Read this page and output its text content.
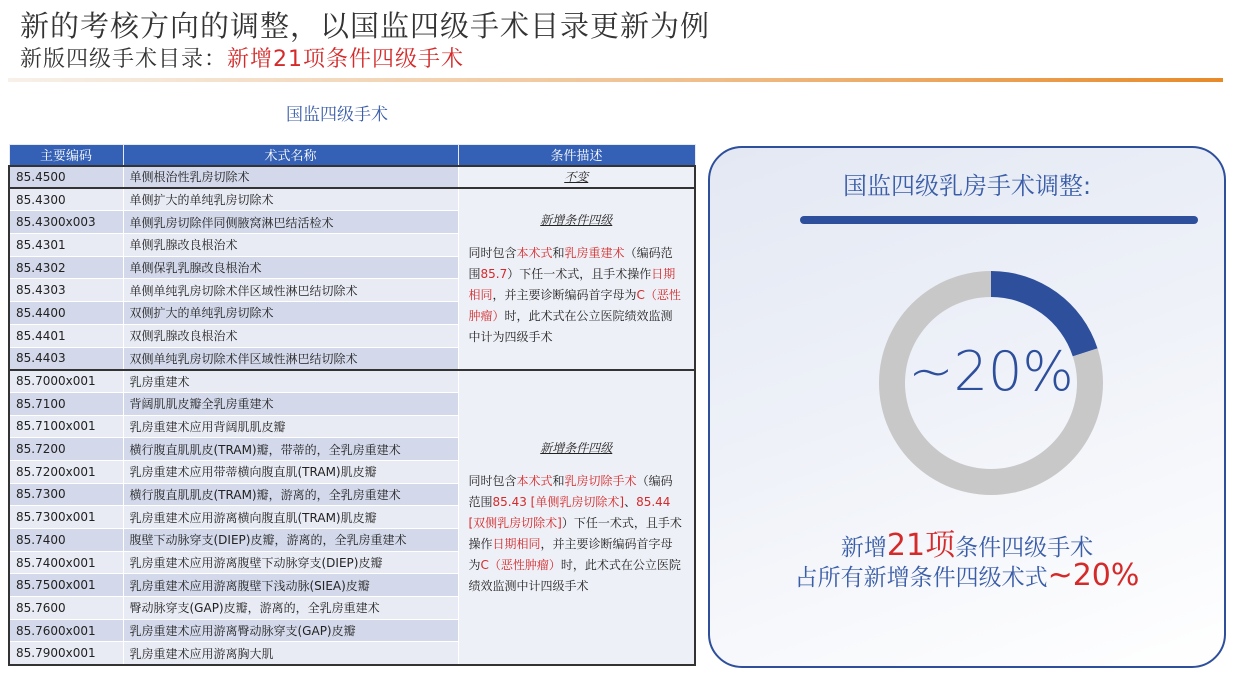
新的考核方向的调整，以国监四级手术目录更新为例
新版四级手术目录：新增21项条件四级手术
国监四级手术
主要编码	术式名称	条件描述
85.4500	单侧根治性乳房切除术	不变
85.4300	单侧扩大的单纯乳房切除术	新增条件四级
同时包含本术式和乳房重建术（编码范围85.7）下任一术式，且手术操作日期相同，并主要诊断编码首字母为C（恶性肿瘤）时，此术式在公立医院绩效监测中计为四级手术

85.4300x003	单侧乳房切除伴同侧腋窝淋巴结活检术	
85.4301	单侧乳腺改良根治术	
85.4302	单侧保乳乳腺改良根治术	
85.4303	单侧单纯乳房切除术伴区域性淋巴结切除术	
85.4400	双侧扩大的单纯乳房切除术	
85.4401	双侧乳腺改良根治术	
85.4403	双侧单纯乳房切除术伴区域性淋巴结切除术	
85.7000x001	乳房重建术	新增条件四级
同时包含本术式和乳房切除手术（编码范围85.43 [单侧乳房切除术]、85.44 [双侧乳房切除术]）下任一术式，且手术操作日期相同，并主要诊断编码首字母为C（恶性肿瘤）时，此术式在公立医院绩效监测中计四级手术

85.7100	背阔肌肌皮瓣全乳房重建术	
85.7100x001	乳房重建术应用背阔肌肌皮瓣	
85.7200	横行腹直肌肌皮(TRAM)瓣，带蒂的，全乳房重建术	
85.7200x001	乳房重建术应用带蒂横向腹直肌(TRAM)肌皮瓣	
85.7300	横行腹直肌肌皮(TRAM)瓣，游离的，全乳房重建术	
85.7300x001	乳房重建术应用游离横向腹直肌(TRAM)肌皮瓣	
85.7400	腹壁下动脉穿支(DIEP)皮瓣，游离的，全乳房重建术	
85.7400x001	乳房重建术应用游离腹壁下动脉穿支(DIEP)皮瓣	
85.7500x001	乳房重建术应用游离腹壁下浅动脉(SIEA)皮瓣	
85.7600	臀动脉穿支(GAP)皮瓣，游离的，全乳房重建术	
85.7600x001	乳房重建术应用游离臀动脉穿支(GAP)皮瓣	
85.7900x001	乳房重建术应用游离胸大肌	
国监四级乳房手术调整:
~20%
新增21项条件四级手术
占所有新增条件四级术式~20%
